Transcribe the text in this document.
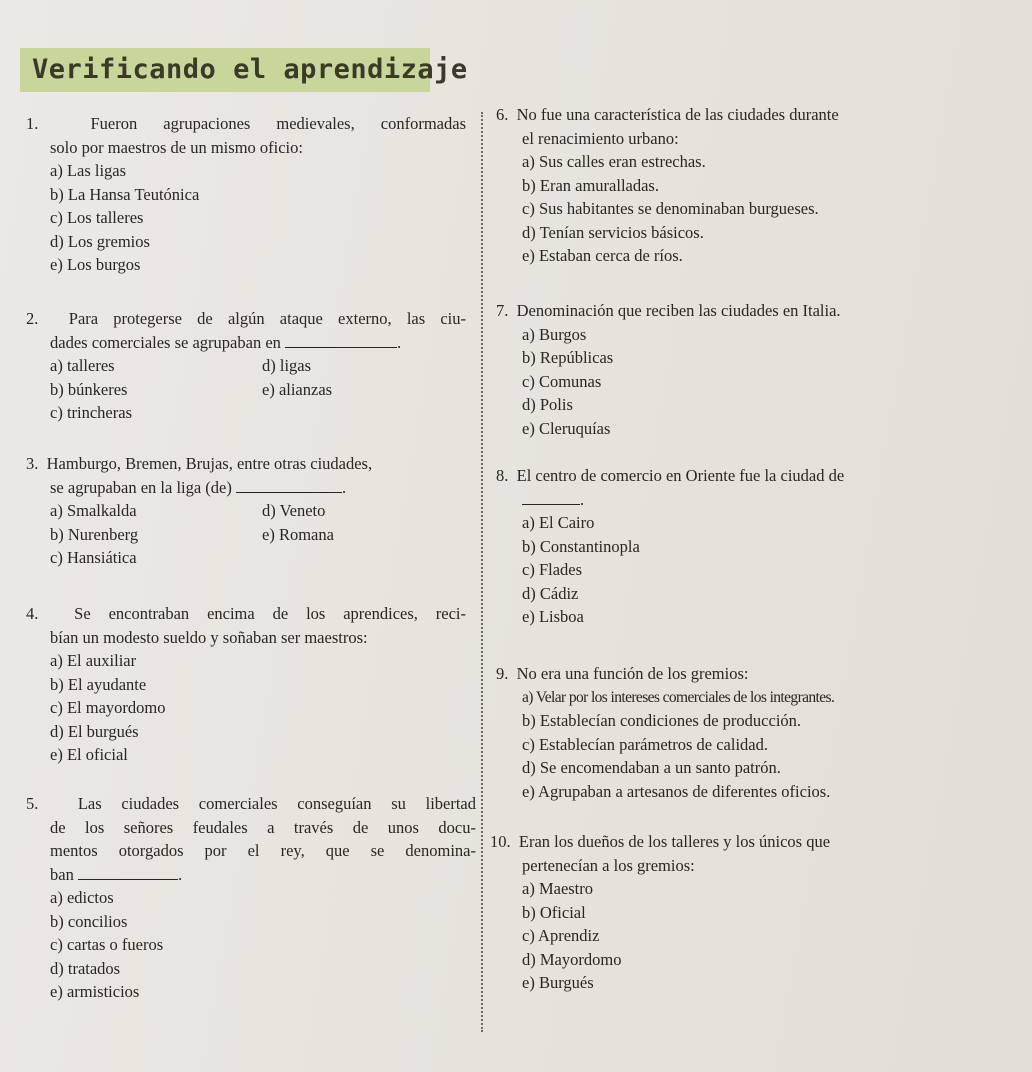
Verificando el aprendizaje
1.	Fueron agrupaciones medievales, conformadas
solo por maestros de un mismo oficio:
a) Las ligas
b) La Hansa Teutónica
c) Los talleres
d) Los gremios
e) Los burgos
2. Para protegerse de algún ataque externo, las ciu-
dades comerciales se agrupaban en	.
a) talleres	d) ligas
b) búnkeres	e) alianzas
c) trincheras
3. Hamburgo, Bremen, Brujas, entre otras ciudades,
se agrupaban en la liga (de)	.
a) Smalkalda	d) Veneto
b) Nurenberg	e) Romana
c) Hansiática
4. Se encontraban encima de los aprendices, reci-
bían un modesto sueldo y soñaban ser maestros:
a) El auxiliar
b) El ayudante
c) El mayordomo
d) El burgués
e) El oficial
5. Las ciudades comerciales conseguían su libertad
de los señores feudales a través de unos docu-
mentos otorgados por el rey, que se denomina-
ban	.
a) edictos
b) concilios
c) cartas o fueros
d) tratados
e) armisticios
6. No fue una característica de las ciudades durante
el renacimiento urbano:
a) Sus calles eran estrechas.
b) Eran amuralladas.
c) Sus habitantes se denominaban burgueses.
d) Tenían servicios básicos.
e) Estaban cerca de ríos.
7. Denominación que reciben las ciudades en Italia.
a) Burgos
b) Repúblicas
c) Comunas
d) Polis
e) Cleruquías
8. El centro de comercio en Oriente fue la ciudad de
.
a) El Cairo
b) Constantinopla
c) Flades
d) Cádiz
e) Lisboa
9. No era una función de los gremios:
a) Velar por los intereses comerciales de los integrantes.
b) Establecían condiciones de producción.
c) Establecían parámetros de calidad.
d) Se encomendaban a un santo patrón.
e) Agrupaban a artesanos de diferentes oficios.
10. Eran los dueños de los talleres y los únicos que
pertenecían a los gremios:
a) Maestro
b) Oficial
c) Aprendiz
d) Mayordomo
e) Burgués
